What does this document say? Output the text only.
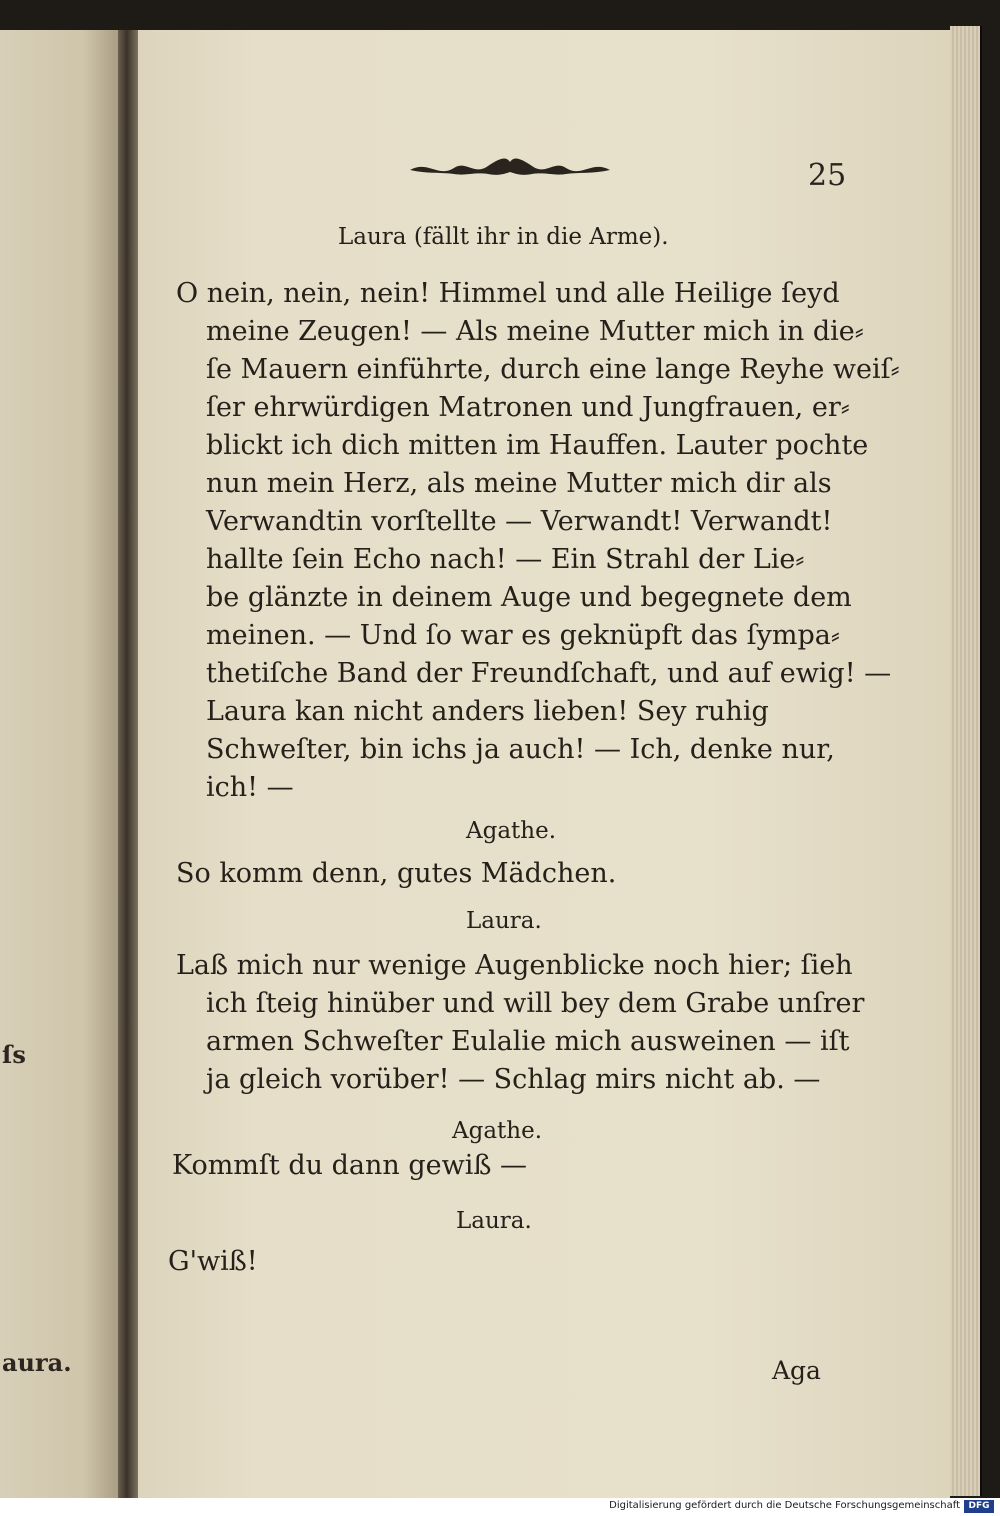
ſs
aura.
25
Laura (fällt ihr in die Arme).
O nein, nein, nein! Himmel und alle Heilige ſeyd
meine Zeugen! — Als meine Mutter mich in die⸗
ſe Mauern einführte, durch eine lange Reyhe weiſ⸗
ſer ehrwürdigen Matronen und Jungfrauen, er⸗
blickt ich dich mitten im Hauffen. Lauter pochte
nun mein Herz, als meine Mutter mich dir als
Verwandtin vorſtellte — Verwandt! Verwandt!
hallte ſein Echo nach! — Ein Strahl der Lie⸗
be glänzte in deinem Auge und begegnete dem
meinen. — Und ſo war es geknüpft das ſympa⸗
thetiſche Band der Freundſchaft, und auf ewig! —
Laura kan nicht anders lieben! Sey ruhig
Schweſter, bin ichs ja auch! — Ich, denke nur,
ich! —
Agathe.
So komm denn, gutes Mädchen.
Laura.
Laß mich nur wenige Augenblicke noch hier; ſieh
ich ſteig hinüber und will bey dem Grabe unſrer
armen Schweſter Eulalie mich ausweinen — iſt
ja gleich vorüber! — Schlag mirs nicht ab. —
Agathe.
Kommſt du dann gewiß —
Laura.
G'wiß!
Aga
Digitalisierung gefördert durch die Deutsche Forschungsgemeinschaft DFG
